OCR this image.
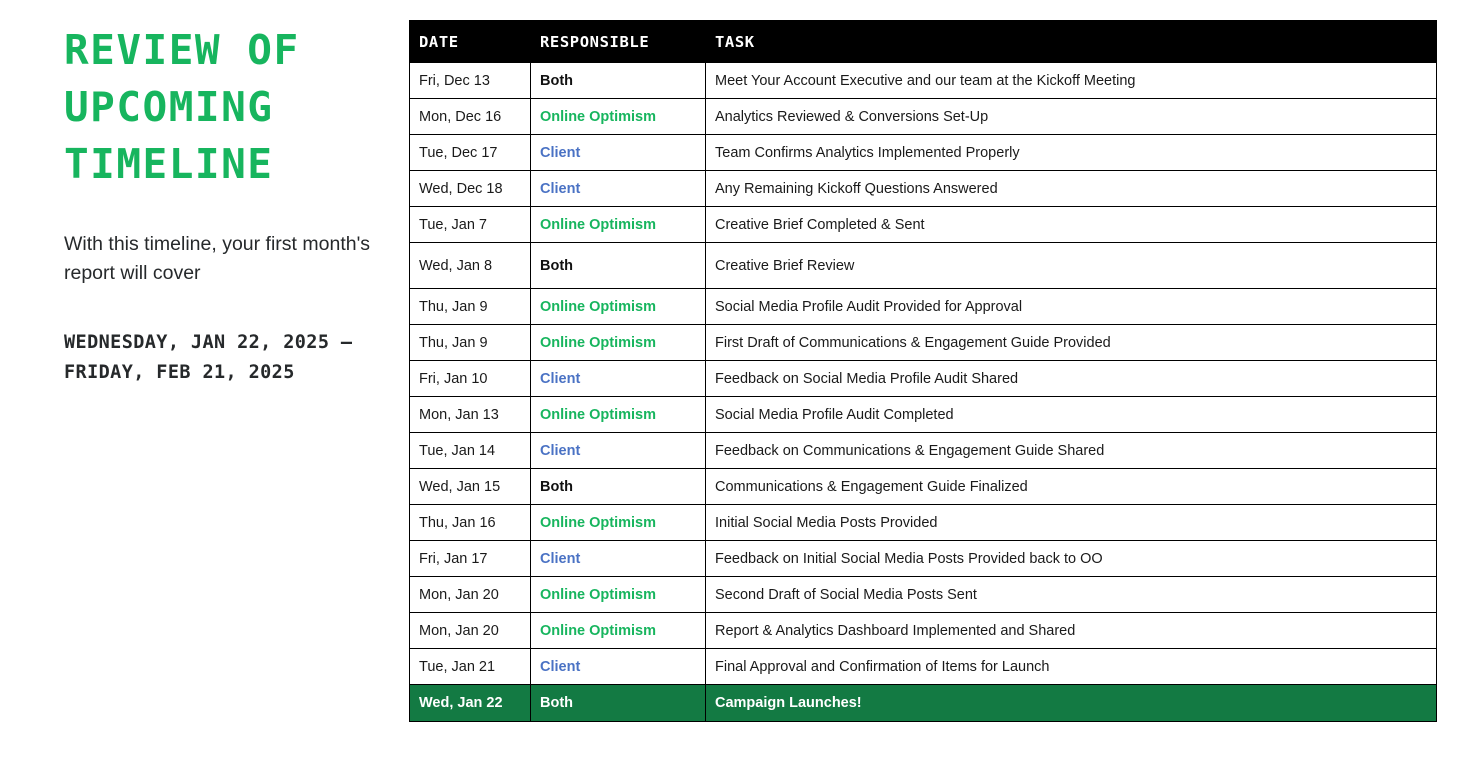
REVIEW OF
UPCOMING
TIMELINE

With this timeline, your first month's report will cover

WEDNESDAY, JAN 22, 2025 –
FRIDAY, FEB 21, 2025
DATE	RESPONSIBLE	TASK
Fri, Dec 13	Both	Meet Your Account Executive and our team at the Kickoff Meeting
Mon, Dec 16	Online Optimism	Analytics Reviewed & Conversions Set-Up
Tue, Dec 17	Client	Team Confirms Analytics Implemented Properly
Wed, Dec 18	Client	Any Remaining Kickoff Questions Answered
Tue, Jan 7	Online Optimism	Creative Brief Completed & Sent
Wed, Jan 8	Both	Creative Brief Review
Thu, Jan 9	Online Optimism	Social Media Profile Audit Provided for Approval
Thu, Jan 9	Online Optimism	First Draft of Communications & Engagement Guide Provided
Fri, Jan 10	Client	Feedback on Social Media Profile Audit Shared
Mon, Jan 13	Online Optimism	Social Media Profile Audit Completed
Tue, Jan 14	Client	Feedback on Communications & Engagement Guide Shared
Wed, Jan 15	Both	Communications & Engagement Guide Finalized
Thu, Jan 16	Online Optimism	Initial Social Media Posts Provided
Fri, Jan 17	Client	Feedback on Initial Social Media Posts Provided back to OO
Mon, Jan 20	Online Optimism	Second Draft of Social Media Posts Sent
Mon, Jan 20	Online Optimism	Report & Analytics Dashboard Implemented and Shared
Tue, Jan 21	Client	Final Approval and Confirmation of Items for Launch
Wed, Jan 22	Both	Campaign Launches!
